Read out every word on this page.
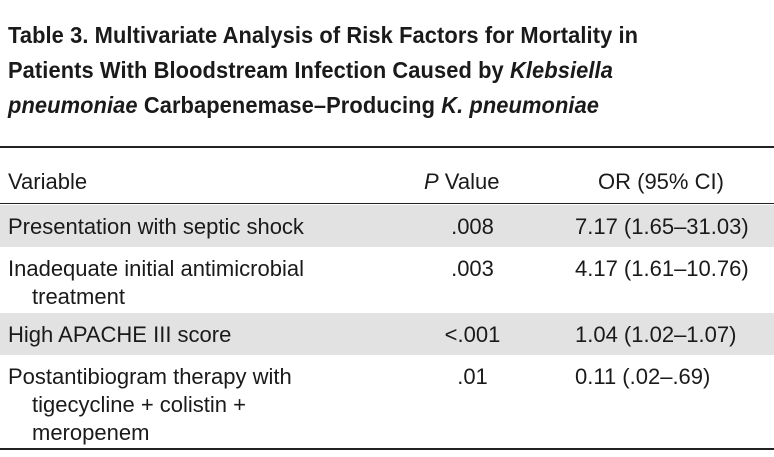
Table 3. Multivariate Analysis of Risk Factors for Mortality in Patients With Bloodstream Infection Caused by Klebsiella pneumoniae Carbapenemase–Producing K. pneumoniae
Variable	P Value	OR (95% CI)
Presentation with septic shock	.008	7.17 (1.65–31.03)
Inadequate initial antimicrobial
treatment
.003	4.17 (1.61–10.76)
High APACHE III score	<.001	1.04 (1.02–1.07)
Postantibiogram therapy with
tigecycline + colistin +
meropenem
.01	0.11 (.02–.69)
